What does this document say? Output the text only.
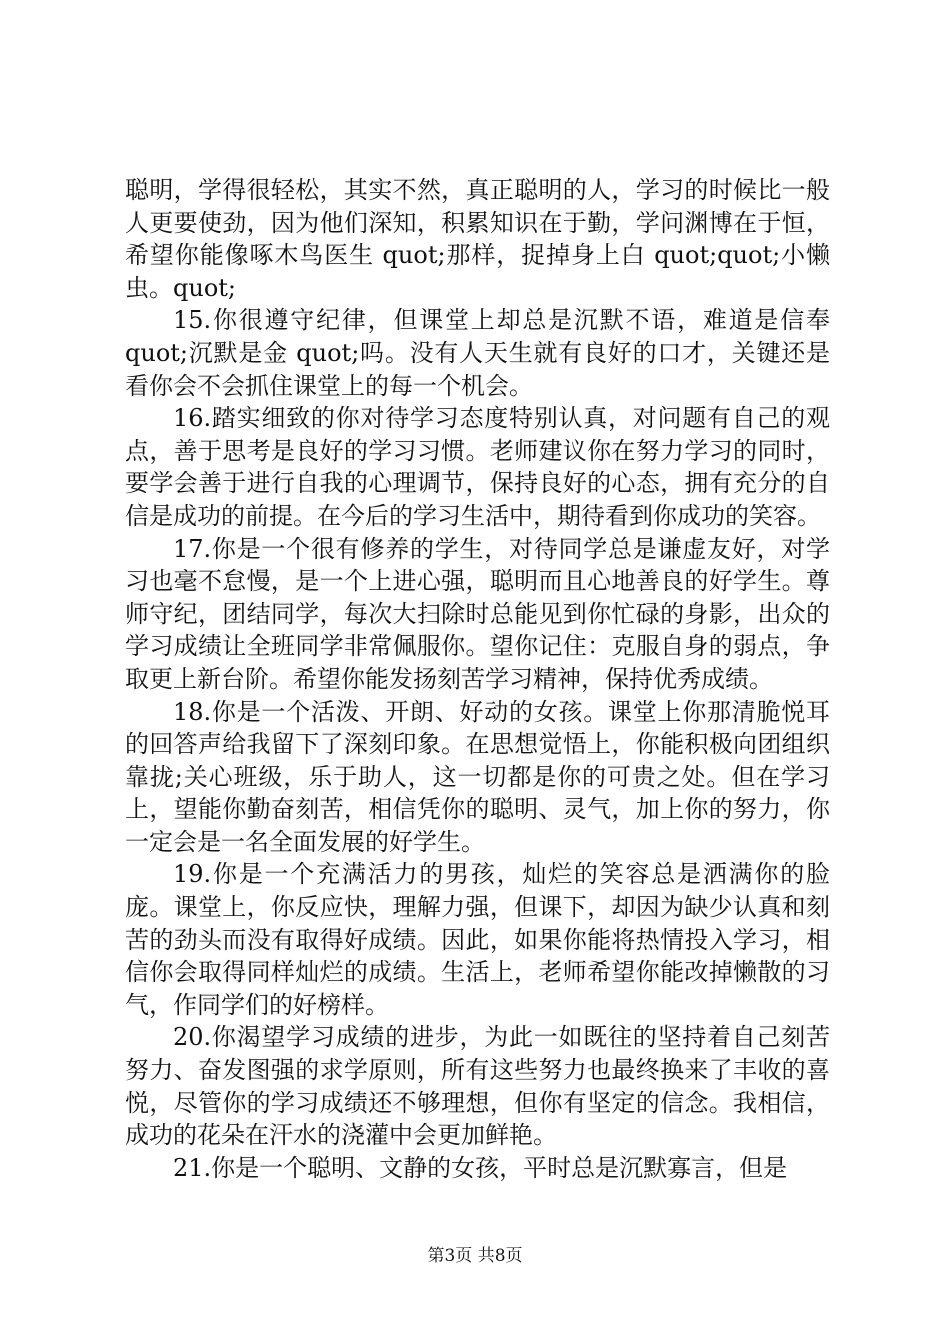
聪明，学得很轻松，其实不然，真正聪明的人，学习的时候比一般人更要使劲，因为他们深知，积累知识在于勤，学问渊博在于恒，希望你能像啄木鸟医生 quot;那样，捉掉身上白 quot;quot;小懒虫。quot;

15.你很遵守纪律，但课堂上却总是沉默不语，难道是信奉 quot;沉默是金 quot;吗。没有人天生就有良好的口才，关键还是看你会不会抓住课堂上的每一个机会。

16.踏实细致的你对待学习态度特别认真，对问题有自己的观点，善于思考是良好的学习习惯。老师建议你在努力学习的同时，要学会善于进行自我的心理调节，保持良好的心态，拥有充分的自信是成功的前提。在今后的学习生活中，期待看到你成功的笑容。

17.你是一个很有修养的学生，对待同学总是谦虚友好，对学习也毫不怠慢，是一个上进心强，聪明而且心地善良的好学生。尊师守纪，团结同学，每次大扫除时总能见到你忙碌的身影，出众的学习成绩让全班同学非常佩服你。望你记住：克服自身的弱点，争取更上新台阶。希望你能发扬刻苦学习精神，保持优秀成绩。

18.你是一个活泼、开朗、好动的女孩。课堂上你那清脆悦耳的回答声给我留下了深刻印象。在思想觉悟上，你能积极向团组织靠拢;关心班级，乐于助人，这一切都是你的可贵之处。但在学习上，望能你勤奋刻苦，相信凭你的聪明、灵气，加上你的努力，你一定会是一名全面发展的好学生。

19.你是一个充满活力的男孩，灿烂的笑容总是洒满你的脸庞。课堂上，你反应快，理解力强，但课下，却因为缺少认真和刻苦的劲头而没有取得好成绩。因此，如果你能将热情投入学习，相信你会取得同样灿烂的成绩。生活上，老师希望你能改掉懒散的习气，作同学们的好榜样。

20.你渴望学习成绩的进步，为此一如既往的坚持着自己刻苦努力、奋发图强的求学原则，所有这些努力也最终换来了丰收的喜悦，尽管你的学习成绩还不够理想，但你有坚定的信念。我相信，成功的花朵在汗水的浇灌中会更加鲜艳。

21.你是一个聪明、文静的女孩，平时总是沉默寡言，但是

第3页 共8页
